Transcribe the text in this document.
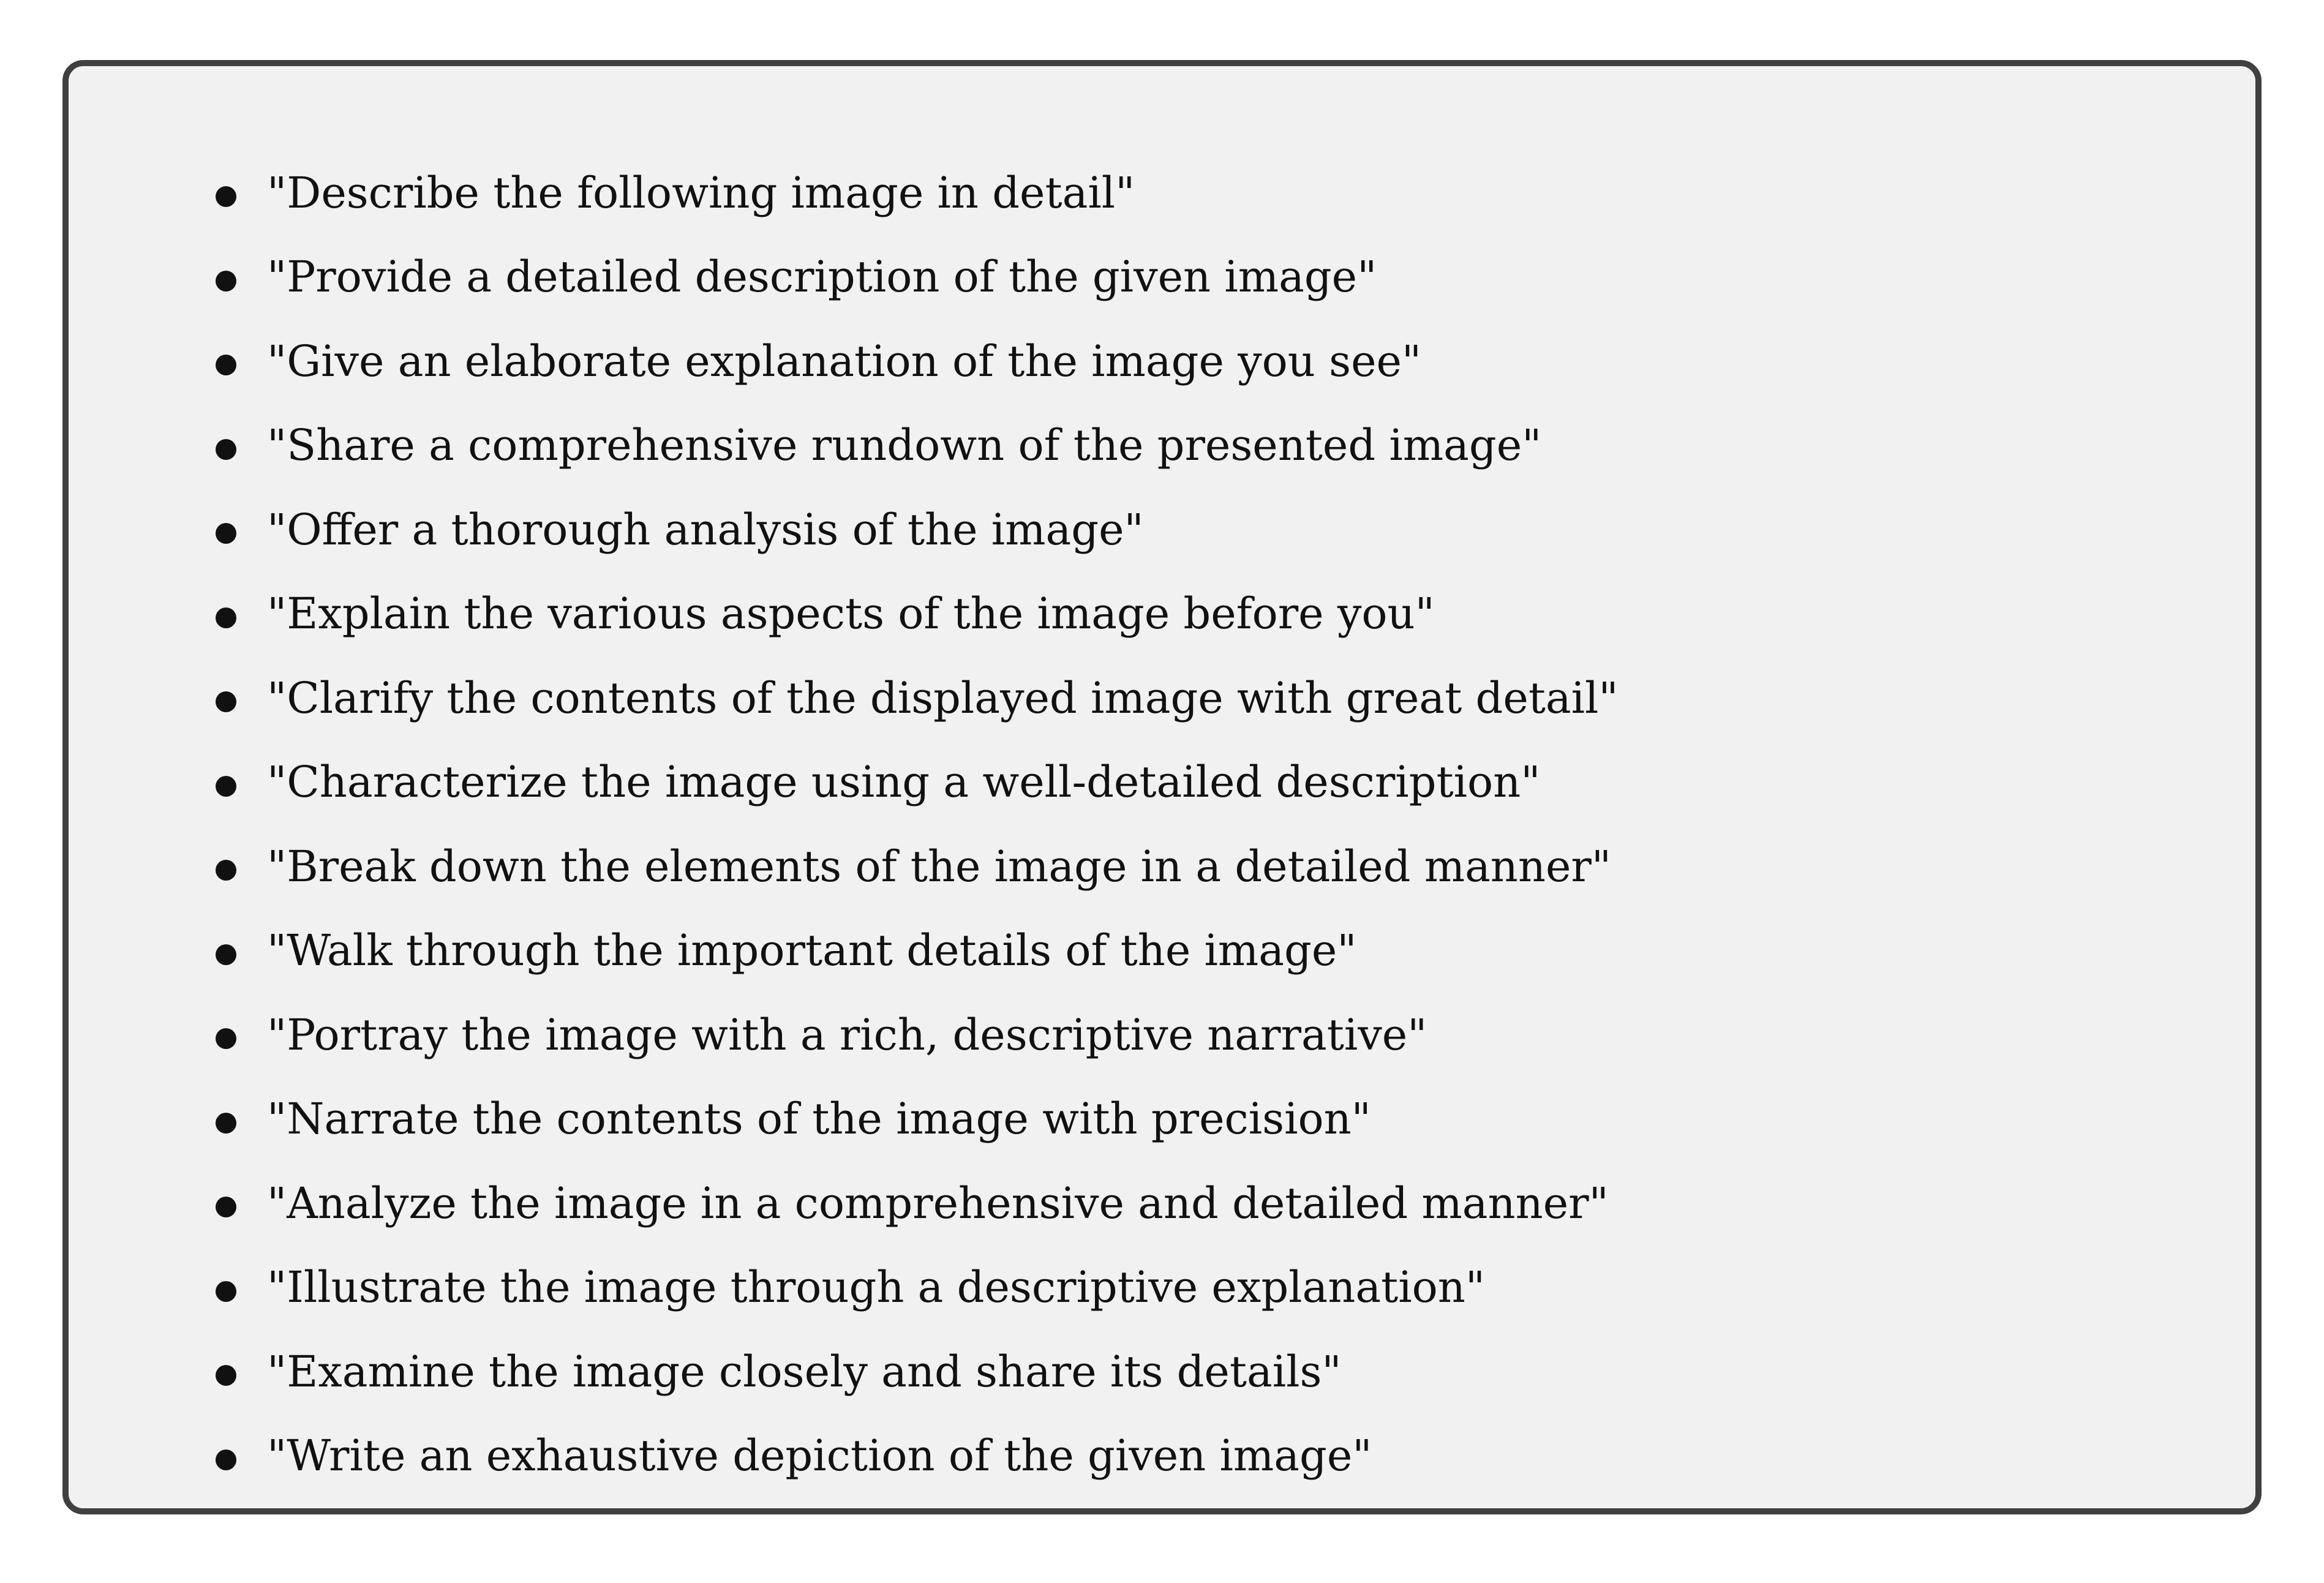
"Describe the following image in detail"
"Provide a detailed description of the given image"
"Give an elaborate explanation of the image you see"
"Share a comprehensive rundown of the presented image"
"Offer a thorough analysis of the image"
"Explain the various aspects of the image before you"
"Clarify the contents of the displayed image with great detail"
"Characterize the image using a well-detailed description"
"Break down the elements of the image in a detailed manner"
"Walk through the important details of the image"
"Portray the image with a rich, descriptive narrative"
"Narrate the contents of the image with precision"
"Analyze the image in a comprehensive and detailed manner"
"Illustrate the image through a descriptive explanation"
"Examine the image closely and share its details"
"Write an exhaustive depiction of the given image"
